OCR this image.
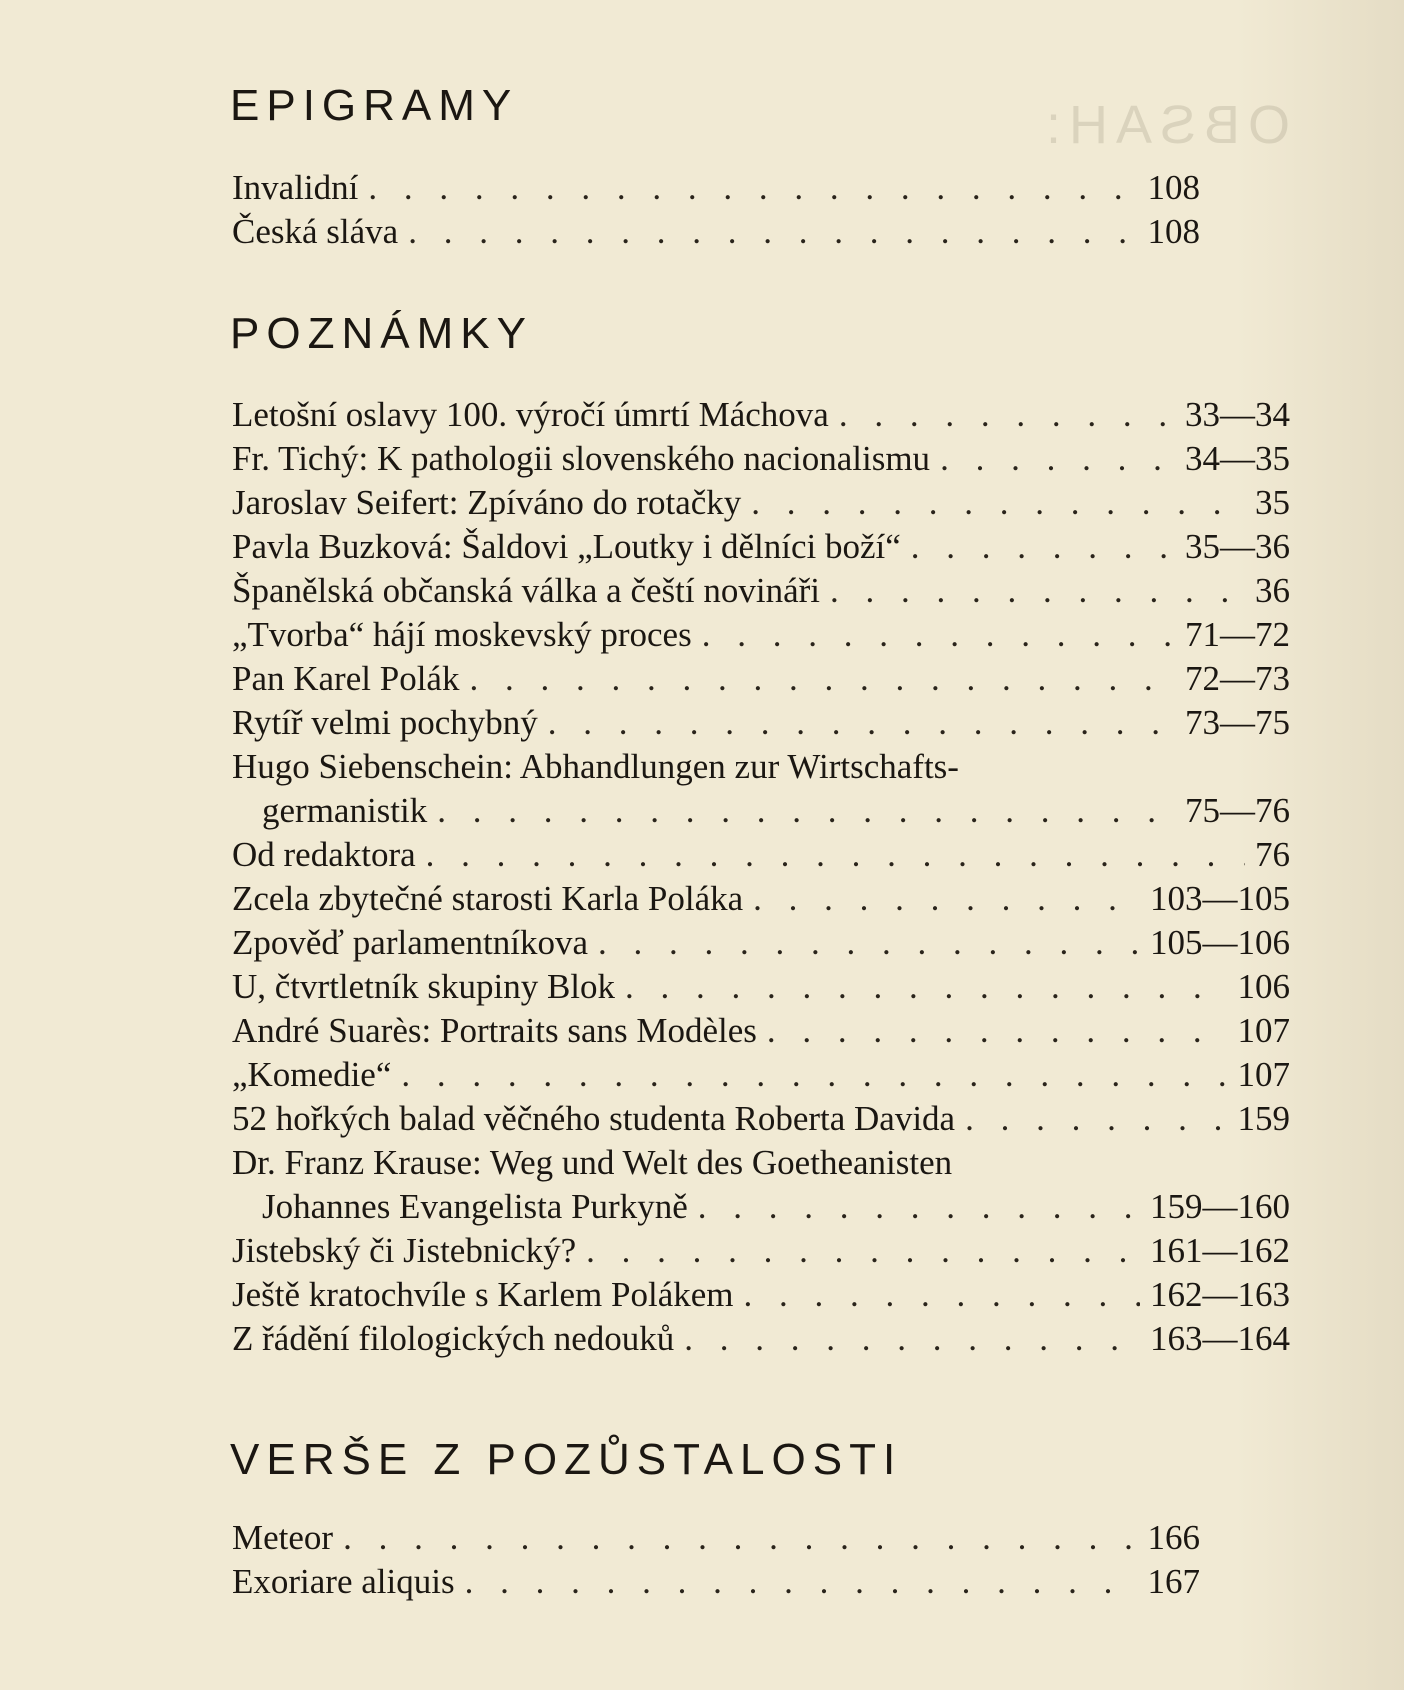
OBSAH:
EPIGRAMY
Invalidní . . .	108
Česká sláva . . .	108
POZNÁMKY
Letošní oslavy 100. výročí úmrtí Máchova . . .	33—34
Fr. Tichý: K pathologii slovenského nacionalismu . . .	34—35
Jaroslav Seifert: Zpíváno do rotačky . . .	35
Pavla Buzková: Šaldovi „Loutky i dělníci boží“ . . .	35—36
Španělská občanská válka a čeští novináři . . .	36
„Tvorba“ hájí moskevský proces . . .	71—72
Pan Karel Polák . . .	72—73
Rytíř velmi pochybný . . .	73—75
Hugo Siebenschein: Abhandlungen zur Wirtschafts-
germanistik . . .	75—76
Od redaktora . . .	76
Zcela zbytečné starosti Karla Poláka . . .	103—105
Zpověď parlamentníkova . . .	105—106
U, čtvrtletník skupiny Blok . . .	106
André Suarès: Portraits sans Modèles . . .	107
„Komedie“ . . .	107
52 hořkých balad věčného studenta Roberta Davida . . .	159
Dr. Franz Krause: Weg und Welt des Goetheanisten
Johannes Evangelista Purkyně . . .	159—160
Jistebský či Jistebnický? . . .	161—162
Ještě kratochvíle s Karlem Polákem . . .	162—163
Z řádění filologických nedouků . . .	163—164
VERŠE Z POZŮSTALOSTI
Meteor . . .	166
Exoriare aliquis . . .	167
